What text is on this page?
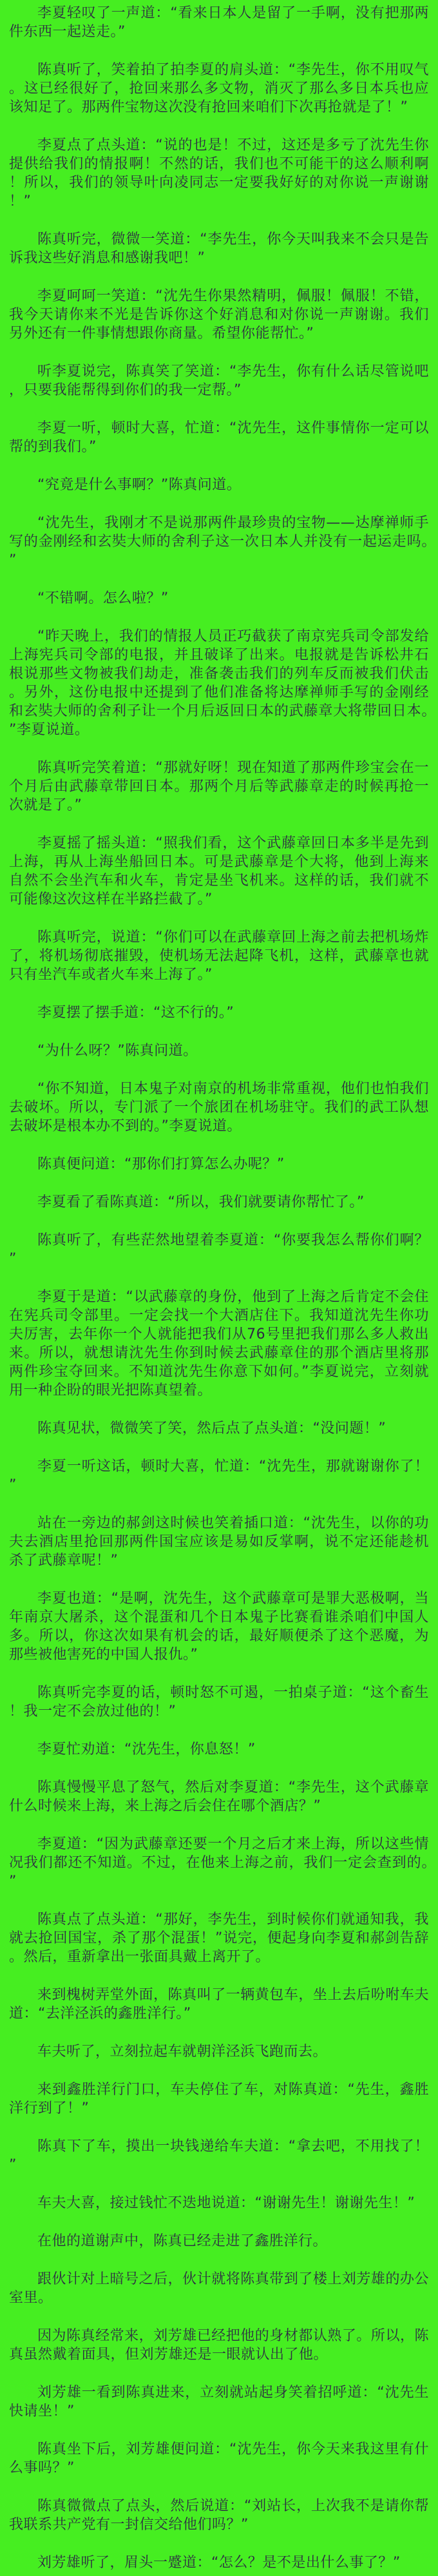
李夏轻叹了一声道：“看来日本人是留了一手啊，没有把那两件东西一起送走。”

陈真听了，笑着拍了拍李夏的肩头道：“李先生，你不用叹气。这已经很好了，抢回来那么多文物，消灭了那么多日本兵也应该知足了。那两件宝物这次没有抢回来咱们下次再抢就是了！”

李夏点了点头道：“说的也是！不过，这还是多亏了沈先生你提供给我们的情报啊！不然的话，我们也不可能干的这么顺利啊！所以，我们的领导叶向凌同志一定要我好好的对你说一声谢谢！”

陈真听完，微微一笑道：“李先生，你今天叫我来不会只是告诉我这些好消息和感谢我吧！”

李夏呵呵一笑道：“沈先生你果然精明，佩服！佩服！不错，我今天请你来不光是告诉你这个好消息和对你说一声谢谢。我们另外还有一件事情想跟你商量。希望你能帮忙。”

听李夏说完，陈真笑了笑道：“李先生，你有什么话尽管说吧，只要我能帮得到你们的我一定帮。”

李夏一听，顿时大喜，忙道：“沈先生，这件事情你一定可以帮的到我们。”

“究竟是什么事啊？”陈真问道。

“沈先生，我刚才不是说那两件最珍贵的宝物——达摩禅师手写的金刚经和玄奘大师的舍利子这一次日本人并没有一起运走吗。”

“不错啊。怎么啦？”

“昨天晚上，我们的情报人员正巧截获了南京宪兵司令部发给上海宪兵司令部的电报，并且破译了出来。电报就是告诉松井石根说那些文物被我们劫走，准备袭击我们的列车反而被我们伏击。另外，这份电报中还提到了他们准备将达摩禅师手写的金刚经和玄奘大师的舍利子让一个月后返回日本的武藤章大将带回日本。”李夏说道。

陈真听完笑着道：“那就好呀！现在知道了那两件珍宝会在一个月后由武藤章带回日本。那两个月后等武藤章走的时候再抢一次就是了。”

李夏摇了摇头道：“照我们看，这个武藤章回日本多半是先到上海，再从上海坐船回日本。可是武藤章是个大将，他到上海来自然不会坐汽车和火车，肯定是坐飞机来。这样的话，我们就不可能像这次这样在半路拦截了。”

陈真听完，说道：“你们可以在武藤章回上海之前去把机场炸了，将机场彻底摧毁，使机场无法起降飞机，这样，武藤章也就只有坐汽车或者火车来上海了。”

李夏摆了摆手道：“这不行的。”

“为什么呀？”陈真问道。

“你不知道，日本鬼子对南京的机场非常重视，他们也怕我们去破坏。所以，专门派了一个旅团在机场驻守。我们的武工队想去破坏是根本办不到的。”李夏说道。

陈真便问道：“那你们打算怎么办呢？”

李夏看了看陈真道：“所以，我们就要请你帮忙了。”

陈真听了，有些茫然地望着李夏道：“你要我怎么帮你们啊？”

李夏于是道：“以武藤章的身份，他到了上海之后肯定不会住在宪兵司令部里。一定会找一个大酒店住下。我知道沈先生你功夫厉害，去年你一个人就能把我们从76号里把我们那么多人救出来。所以，就想请沈先生你到时候去武藤章住的那个酒店里将那两件珍宝夺回来。不知道沈先生你意下如何。”李夏说完，立刻就用一种企盼的眼光把陈真望着。

陈真见状，微微笑了笑，然后点了点头道：“没问题！”

李夏一听这话，顿时大喜，忙道：“沈先生，那就谢谢你了！”

站在一旁边的郝剑这时候也笑着插口道：“沈先生，以你的功夫去酒店里抢回那两件国宝应该是易如反掌啊，说不定还能趁机杀了武藤章呢！”

李夏也道：“是啊，沈先生，这个武藤章可是罪大恶极啊，当年南京大屠杀，这个混蛋和几个日本鬼子比赛看谁杀咱们中国人多。所以，你这次如果有机会的话，最好顺便杀了这个恶魔，为那些被他害死的中国人报仇。”

陈真听完李夏的话，顿时怒不可遏，一拍桌子道：“这个畜生！我一定不会放过他的！”

李夏忙劝道：“沈先生，你息怒！”

陈真慢慢平息了怒气，然后对李夏道：“李先生，这个武藤章什么时候来上海，来上海之后会住在哪个酒店？”

李夏道：“因为武藤章还要一个月之后才来上海，所以这些情况我们都还不知道。不过，在他来上海之前，我们一定会查到的。”

陈真点了点头道：“那好，李先生，到时候你们就通知我，我就去抢回国宝，杀了那个混蛋！”说完，便起身向李夏和郝剑告辞。然后，重新拿出一张面具戴上离开了。

来到槐树弄堂外面，陈真叫了一辆黄包车，坐上去后吩咐车夫道：“去洋泾浜的鑫胜洋行。”

车夫听了，立刻拉起车就朝洋泾浜飞跑而去。

来到鑫胜洋行门口，车夫停住了车，对陈真道：“先生，鑫胜洋行到了！”

陈真下了车，摸出一块钱递给车夫道：“拿去吧，不用找了！”

车夫大喜，接过钱忙不迭地说道：“谢谢先生！谢谢先生！”

在他的道谢声中，陈真已经走进了鑫胜洋行。

跟伙计对上暗号之后，伙计就将陈真带到了楼上刘芳雄的办公室里。

因为陈真经常来，刘芳雄已经把他的身材都认熟了。所以，陈真虽然戴着面具，但刘芳雄还是一眼就认出了他。

刘芳雄一看到陈真进来，立刻就站起身笑着招呼道：“沈先生快请坐！”

陈真坐下后，刘芳雄便问道：“沈先生，你今天来我这里有什么事吗？”

陈真微微点了点头，然后说道：“刘站长，上次我不是请你帮我联系共产党有一封信交给他们吗？”

刘芳雄听了，眉头一蹙道：“怎么？是不是出什么事了？”
